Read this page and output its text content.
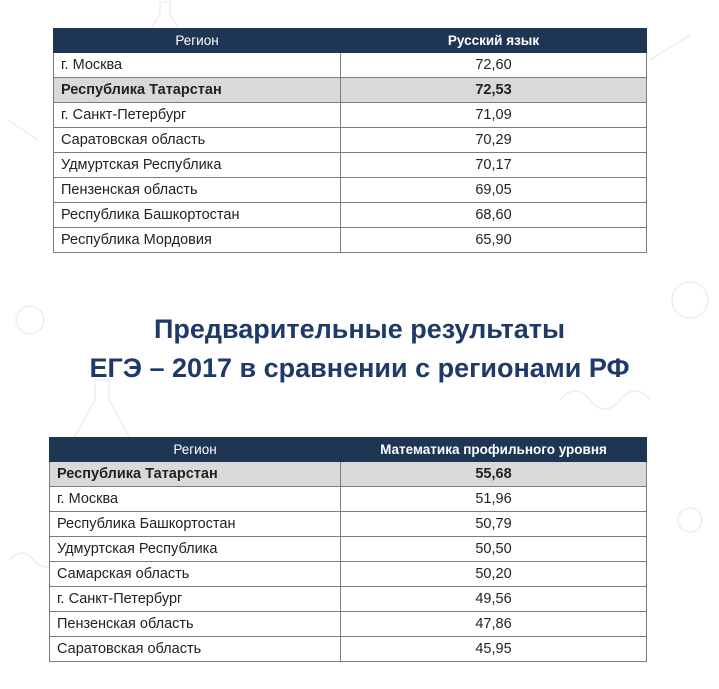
Регион	Русский язык
г. Москва	72,60
Республика Татарстан	72,53
г. Санкт-Петербург	71,09
Саратовская область	70,29
Удмуртская Республика	70,17
Пензенская область	69,05
Республика Башкортостан	68,60
Республика Мордовия	65,90
Предварительные результаты
ЕГЭ – 2017 в сравнении с регионами РФ
Регион	Математика профильного уровня
Республика Татарстан	55,68
г. Москва	51,96
Республика Башкортостан	50,79
Удмуртская Республика	50,50
Самарская область	50,20
г. Санкт-Петербург	49,56
Пензенская область	47,86
Саратовская область	45,95
